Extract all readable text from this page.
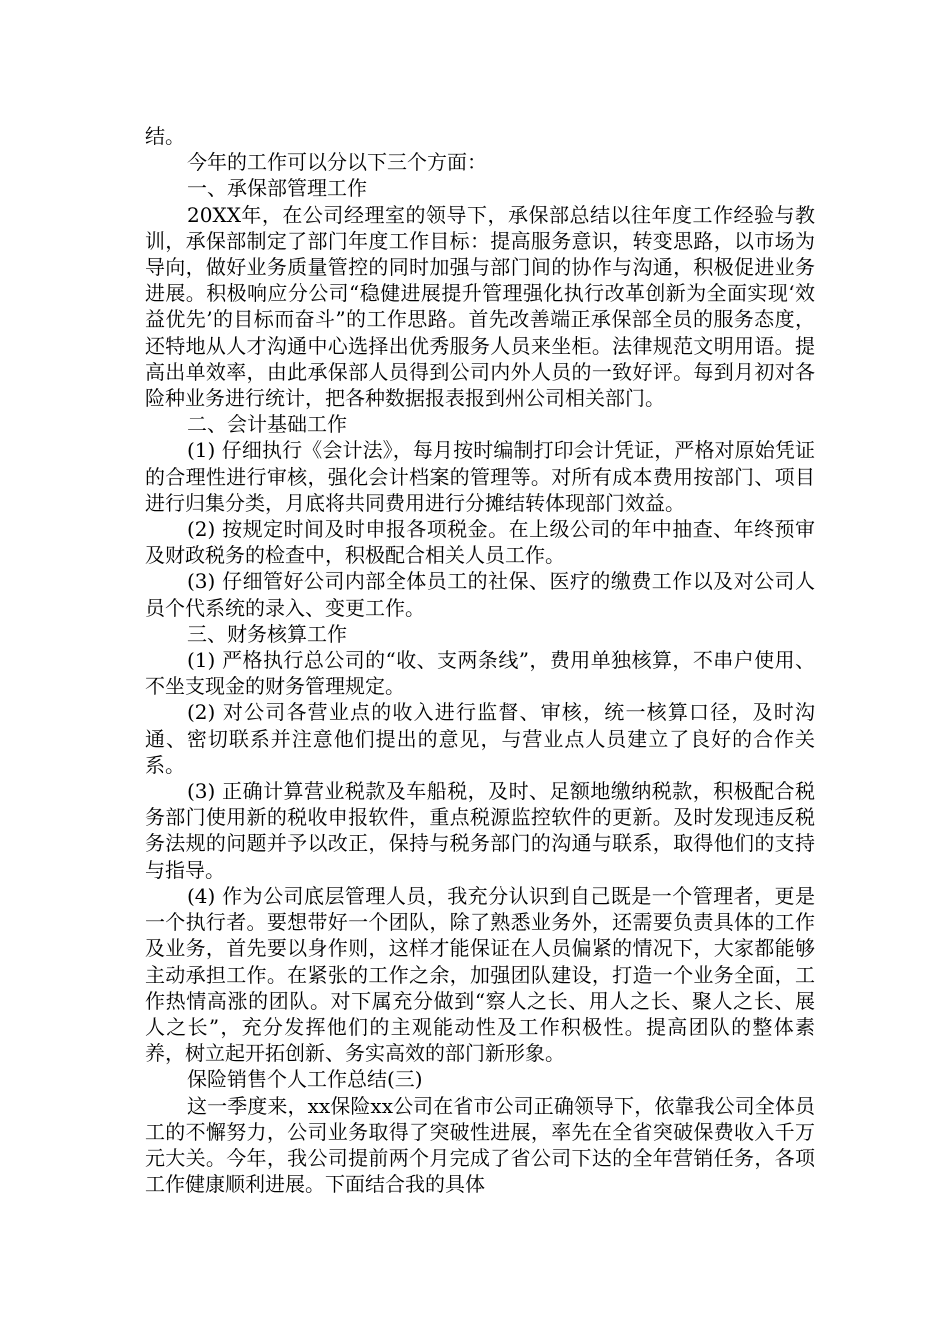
结。

今年的工作可以分以下三个方面：

一、承保部管理工作

20XX年，在公司经理室的领导下，承保部总结以往年度工作经验与教训，承保部制定了部门年度工作目标：提高服务意识，转变思路，以市场为导向，做好业务质量管控的同时加强与部门间的协作与沟通，积极促进业务进展。积极响应分公司“稳健进展提升管理强化执行改革创新为全面实现‘效益优先’的目标而奋斗”的工作思路。首先改善端正承保部全员的服务态度，还特地从人才沟通中心选择出优秀服务人员来坐柜。法律规范文明用语。提高出单效率，由此承保部人员得到公司内外人员的一致好评。每到月初对各险种业务进行统计，把各种数据报表报到州公司相关部门。

二、会计基础工作

(1) 仔细执行《会计法》，每月按时编制打印会计凭证，严格对原始凭证的合理性进行审核，强化会计档案的管理等。对所有成本费用按部门、项目进行归集分类，月底将共同费用进行分摊结转体现部门效益。

(2) 按规定时间及时申报各项税金。在上级公司的年中抽查、年终预审及财政税务的检查中，积极配合相关人员工作。

(3) 仔细管好公司内部全体员工的社保、医疗的缴费工作以及对公司人员个代系统的录入、变更工作。

三、财务核算工作

(1) 严格执行总公司的“收、支两条线”，费用单独核算，不串户使用、不坐支现金的财务管理规定。

(2) 对公司各营业点的收入进行监督、审核，统一核算口径，及时沟通、密切联系并注意他们提出的意见，与营业点人员建立了良好的合作关系。

(3) 正确计算营业税款及车船税，及时、足额地缴纳税款，积极配合税务部门使用新的税收申报软件，重点税源监控软件的更新。及时发现违反税务法规的问题并予以改正，保持与税务部门的沟通与联系，取得他们的支持与指导。

(4) 作为公司底层管理人员，我充分认识到自己既是一个管理者，更是一个执行者。要想带好一个团队，除了熟悉业务外，还需要负责具体的工作及业务，首先要以身作则，这样才能保证在人员偏紧的情况下，大家都能够主动承担工作。在紧张的工作之余，加强团队建设，打造一个业务全面，工作热情高涨的团队。对下属充分做到“察人之长、用人之长、聚人之长、展人之长”，充分发挥他们的主观能动性及工作积极性。提高团队的整体素养，树立起开拓创新、务实高效的部门新形象。

保险销售个人工作总结(三)

这一季度来，xx保险xx公司在省市公司正确领导下，依靠我公司全体员工的不懈努力，公司业务取得了突破性进展，率先在全省突破保费收入千万元大关。今年，我公司提前两个月完成了省公司下达的全年营销任务，各项工作健康顺利进展。下面结合我的具体
